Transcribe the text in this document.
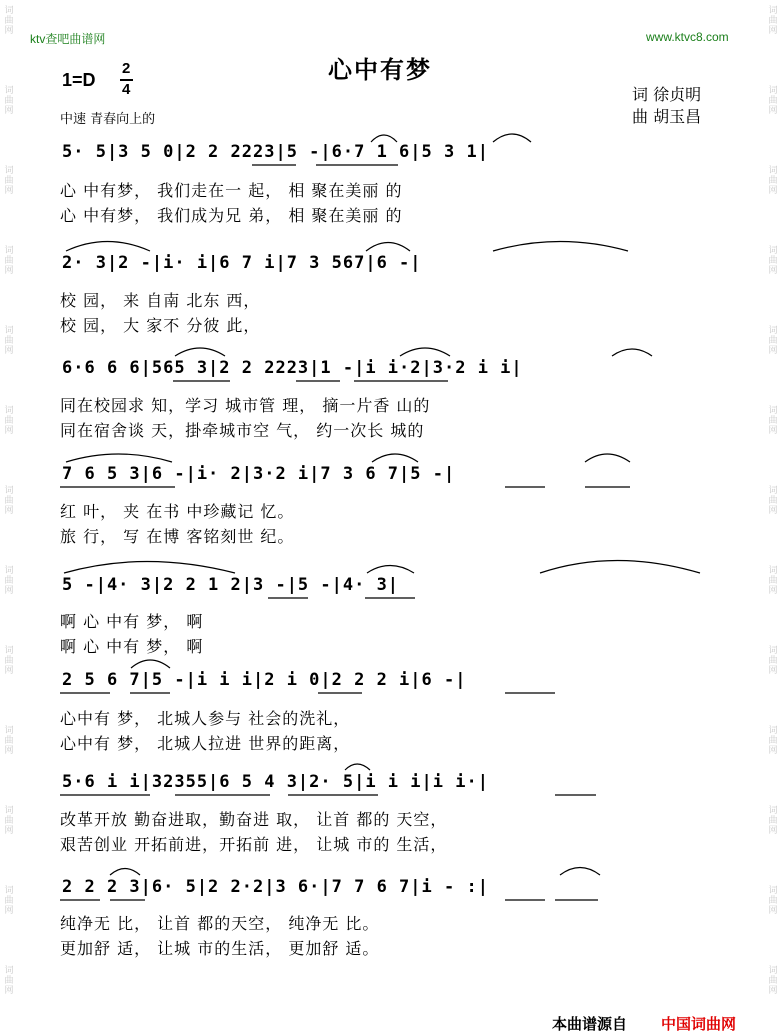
词
曲
网
词
曲
网
词
曲
网
词
曲
网
词
曲
网
词
曲
网
词
曲
网
词
曲
网
词
曲
网
词
曲
网
词
曲
网
词
曲
网
词
曲
网
词
曲
网
词
曲
网
词
曲
网
词
曲
网
词
曲
网
词
曲
网
词
曲
网
词
曲
网
词
曲
网
词
曲
网
词
曲
网
词
曲
网
词
曲
网
ktv查吧曲谱网	www.ktvc8.com
心中有梦
1=D
2
4	词 徐贞明
曲 胡玉昌
中速 青春向上的
5· 5|3 5 0|2 2 2223|5 -|6·7 1 6|5 3 1|
心 中有梦， 我们走在一 起， 相 聚在美丽 的
心 中有梦， 我们成为兄 弟， 相 聚在美丽 的
2· 3|2 -|i· i|6 7 i|7 3 567|6 -|
校 园， 来 自南 北东 西，
校 园， 大 家不 分彼 此，
6·6 6 6|565 3|2 2 2223|1 -|i i·2|3·2 i i|
同在校园求 知，学习 城市管 理， 摘一片香 山的
同在宿舍谈 天，掛牵城市空 气， 约一次长 城的
7 6 5 3|6 -|i· 2|3·2 i|7 3 6 7|5 -|
红 叶， 夹 在书 中珍藏记 忆。
旅 行， 写 在博 客铭刻世 纪。
5 -|4· 3|2 2 1 2|3 -|5 -|4· 3|
啊 心 中有 梦， 啊
啊 心 中有 梦， 啊
2 5 6 7|5 -|i i i|2 i 0|2 2 2 i|6 -|
心中有 梦， 北城人参与 社会的洗礼，
心中有 梦， 北城人拉进 世界的距离，
5·6 i i|32355|6 5 4 3|2· 5|i i i|i i·|
改革开放 勤奋进取，勤奋进 取， 让首 都的 天空，
艰苦创业 开拓前进，开拓前 进， 让城 市的 生活，
2 2 2 3|6· 5|2 2·2|3 6·|7 7 6 7|i - :|
纯净无 比， 让首 都的天空， 纯净无 比。
更加舒 适， 让城 市的生活， 更加舒 适。
本曲谱源自 中国词曲网
